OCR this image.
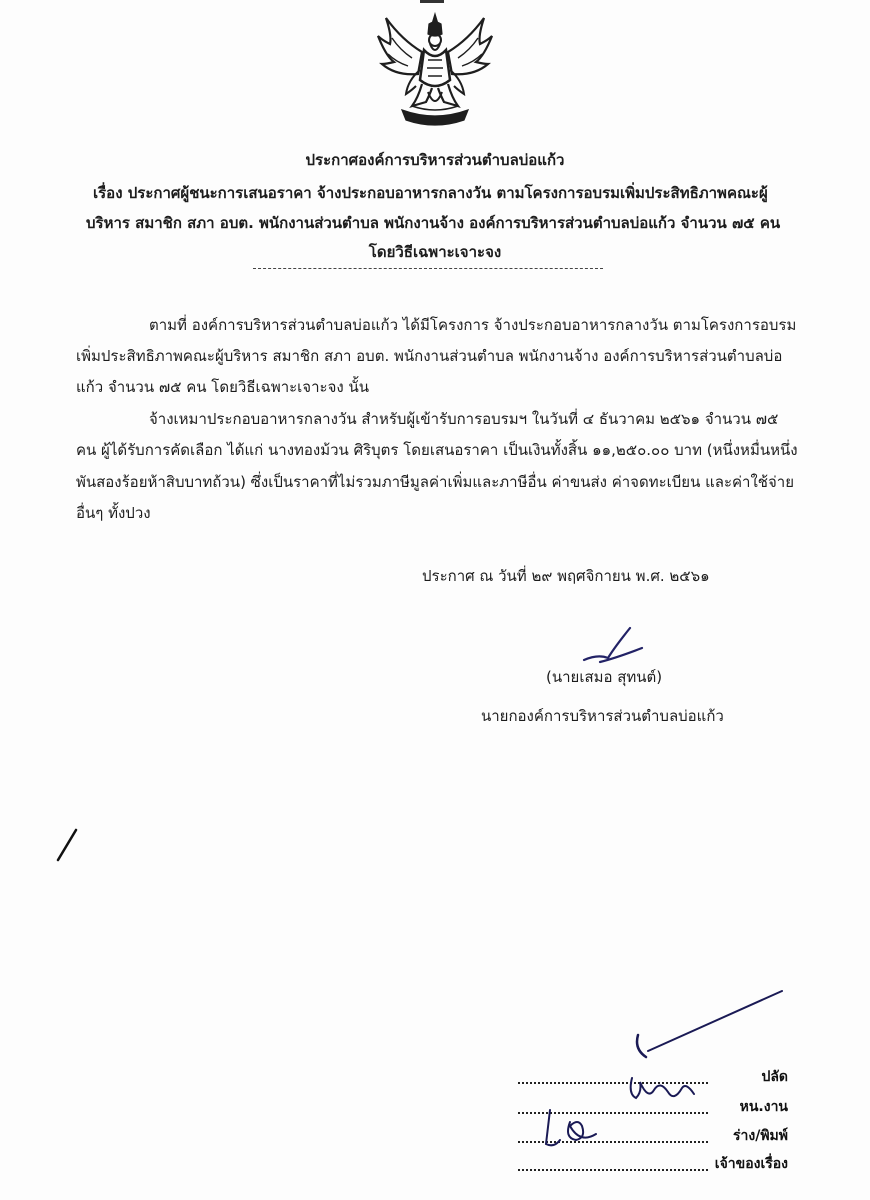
ประกาศองค์การบริหารส่วนตำบลบ่อแก้ว
เรื่อง ประกาศผู้ชนะการเสนอราคา จ้างประกอบอาหารกลางวัน ตามโครงการอบรมเพิ่มประสิทธิภาพคณะผู้
บริหาร สมาชิก สภา อบต. พนักงานส่วนตำบล พนักงานจ้าง องค์การบริหารส่วนตำบลบ่อแก้ว จำนวน ๗๕ คน
โดยวิธีเฉพาะเจาะจง
ตามที่ องค์การบริหารส่วนตำบลบ่อแก้ว ได้มีโครงการ จ้างประกอบอาหารกลางวัน ตามโครงการอบรม
เพิ่มประสิทธิภาพคณะผู้บริหาร สมาชิก สภา อบต. พนักงานส่วนตำบล พนักงานจ้าง องค์การบริหารส่วนตำบลบ่อ
แก้ว จำนวน ๗๕ คน โดยวิธีเฉพาะเจาะจง นั้น
จ้างเหมาประกอบอาหารกลางวัน สำหรับผู้เข้ารับการอบรมฯ ในวันที่ ๔ ธันวาคม ๒๕๖๑ จำนวน ๗๕
คน ผู้ได้รับการคัดเลือก ได้แก่ นางทองม้วน ศิริบุตร โดยเสนอราคา เป็นเงินทั้งสิ้น ๑๑,๒๕๐.๐๐ บาท (หนึ่งหมื่นหนึ่ง
พันสองร้อยห้าสิบบาทถ้วน) ซึ่งเป็นราคาที่ไม่รวมภาษีมูลค่าเพิ่มและภาษีอื่น ค่าขนส่ง ค่าจดทะเบียน และค่าใช้จ่าย
อื่นๆ ทั้งปวง
ประกาศ ณ วันที่ ๒๙ พฤศจิกายน พ.ศ. ๒๕๖๑
(นายเสมอ สุทนต์)
นายกองค์การบริหารส่วนตำบลบ่อแก้ว
ปลัด
หน.งาน
ร่าง/พิมพ์
เจ้าของเรื่อง
